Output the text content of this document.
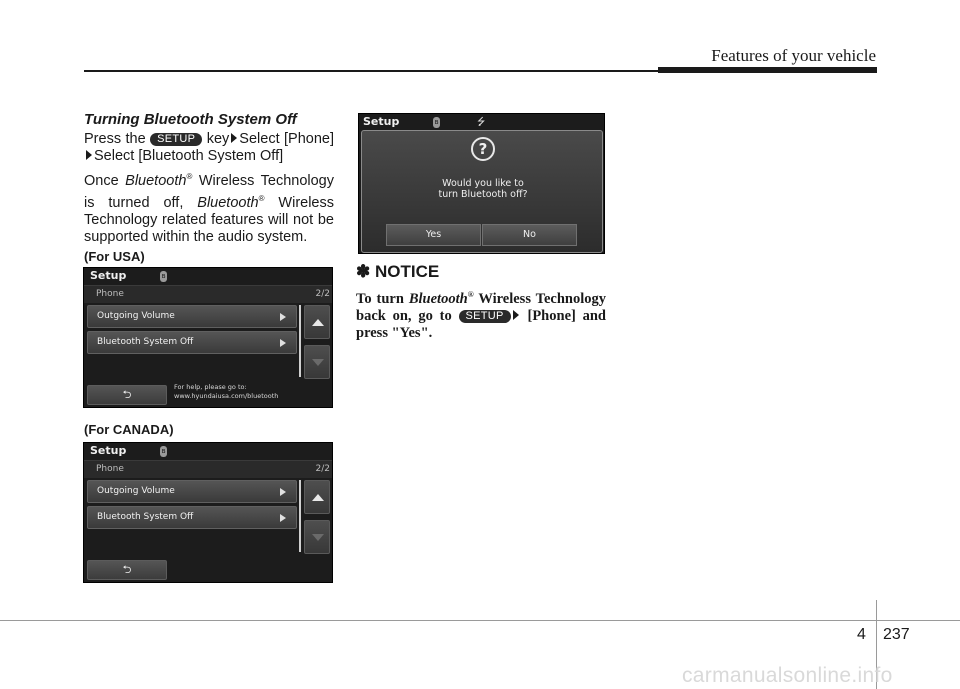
Features of your vehicle
Turning Bluetooth System Off
Press the SETUP key Select [Phone]Select [Bluetooth System Off]
Once Bluetooth® Wireless Technology is turned off, Bluetooth® Wireless Technology related features will not be supported within the audio system.
(For USA)
Setup	ʙ
Phone	2/2
Outgoing Volume
Bluetooth System Off
⮌
For help, please go to:
www.hyundaiusa.com/bluetooth
(For CANADA)
Setup	ʙ
Phone	2/2
Outgoing Volume
Bluetooth System Off
⮌
Setup	ʙ	⭍
?
Would you like to
turn Bluetooth off?
Yes	No
✽ NOTICE
To turn Bluetooth® Wireless Technology back on, go to SETUP [Phone] and press "Yes".
4 237
carmanualsonline.info
